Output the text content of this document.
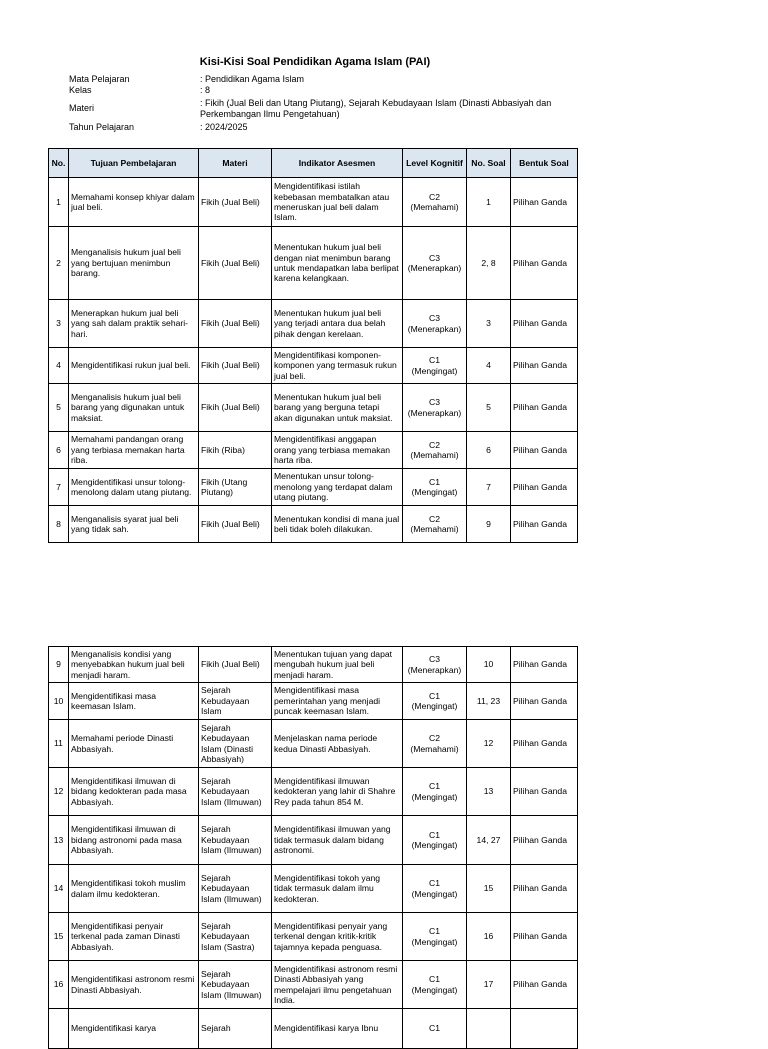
Kisi-Kisi Soal Pendidikan Agama Islam (PAI)
Mata Pelajaran	: Pendidikan Agama Islam
Kelas	: 8
Materi	: Fikih (Jual Beli dan Utang Piutang), Sejarah Kebudayaan Islam (Dinasti Abbasiyah dan Perkembangan Ilmu Pengetahuan)
Tahun Pelajaran	: 2024/2025
No.	Tujuan Pembelajaran	Materi	Indikator Asesmen	Level Kognitif	No. Soal	Bentuk Soal
1	Memahami konsep khiyar dalam jual beli.	Fikih (Jual Beli)	Mengidentifikasi istilah kebebasan membatalkan atau meneruskan jual beli dalam Islam.	C2 (Memahami)	1	Pilihan Ganda
2	Menganalisis hukum jual beli yang bertujuan menimbun barang.	Fikih (Jual Beli)	Menentukan hukum jual beli dengan niat menimbun barang untuk mendapatkan laba berlipat karena kelangkaan.	C3 (Menerapkan)	2, 8	Pilihan Ganda
3	Menerapkan hukum jual beli yang sah dalam praktik sehari-hari.	Fikih (Jual Beli)	Menentukan hukum jual beli yang terjadi antara dua belah pihak dengan kerelaan.	C3 (Menerapkan)	3	Pilihan Ganda
4	Mengidentifikasi rukun jual beli.	Fikih (Jual Beli)	Mengidentifikasi komponen-komponen yang termasuk rukun jual beli.	C1 (Mengingat)	4	Pilihan Ganda
5	Menganalisis hukum jual beli barang yang digunakan untuk maksiat.	Fikih (Jual Beli)	Menentukan hukum jual beli barang yang berguna tetapi akan digunakan untuk maksiat.	C3 (Menerapkan)	5	Pilihan Ganda
6	Memahami pandangan orang yang terbiasa memakan harta riba.	Fikih (Riba)	Mengidentifikasi anggapan orang yang terbiasa memakan harta riba.	C2 (Memahami)	6	Pilihan Ganda
7	Mengidentifikasi unsur tolong-menolong dalam utang piutang.	Fikih (Utang Piutang)	Menentukan unsur tolong-menolong yang terdapat dalam utang piutang.	C1 (Mengingat)	7	Pilihan Ganda
8	Menganalisis syarat jual beli yang tidak sah.	Fikih (Jual Beli)	Menentukan kondisi di mana jual beli tidak boleh dilakukan.	C2 (Memahami)	9	Pilihan Ganda
9	Menganalisis kondisi yang menyebabkan hukum jual beli menjadi haram.	Fikih (Jual Beli)	Menentukan tujuan yang dapat mengubah hukum jual beli menjadi haram.	C3 (Menerapkan)	10	Pilihan Ganda
10	Mengidentifikasi masa keemasan Islam.	Sejarah Kebudayaan Islam	Mengidentifikasi masa pemerintahan yang menjadi puncak keemasan Islam.	C1 (Mengingat)	11, 23	Pilihan Ganda
11	Memahami periode Dinasti Abbasiyah.	Sejarah Kebudayaan Islam (Dinasti Abbasiyah)	Menjelaskan nama periode kedua Dinasti Abbasiyah.	C2 (Memahami)	12	Pilihan Ganda
12	Mengidentifikasi ilmuwan di bidang kedokteran pada masa Abbasiyah.	Sejarah Kebudayaan Islam (Ilmuwan)	Mengidentifikasi ilmuwan kedokteran yang lahir di Shahre Rey pada tahun 854 M.	C1 (Mengingat)	13	Pilihan Ganda
13	Mengidentifikasi ilmuwan di bidang astronomi pada masa Abbasiyah.	Sejarah Kebudayaan Islam (Ilmuwan)	Mengidentifikasi ilmuwan yang tidak termasuk dalam bidang astronomi.	C1 (Mengingat)	14, 27	Pilihan Ganda
14	Mengidentifikasi tokoh muslim dalam ilmu kedokteran.	Sejarah Kebudayaan Islam (Ilmuwan)	Mengidentifikasi tokoh yang tidak termasuk dalam ilmu kedokteran.	C1 (Mengingat)	15	Pilihan Ganda
15	Mengidentifikasi penyair terkenal pada zaman Dinasti Abbasiyah.	Sejarah Kebudayaan Islam (Sastra)	Mengidentifikasi penyair yang terkenal dengan kritik-kritik tajamnya kepada penguasa.	C1 (Mengingat)	16	Pilihan Ganda
16	Mengidentifikasi astronom resmi Dinasti Abbasiyah.	Sejarah Kebudayaan Islam (Ilmuwan)	Mengidentifikasi astronom resmi Dinasti Abbasiyah yang mempelajari ilmu pengetahuan India.	C1 (Mengingat)	17	Pilihan Ganda
	Mengidentifikasi karya	Sejarah	Mengidentifikasi karya Ibnu	C1		
